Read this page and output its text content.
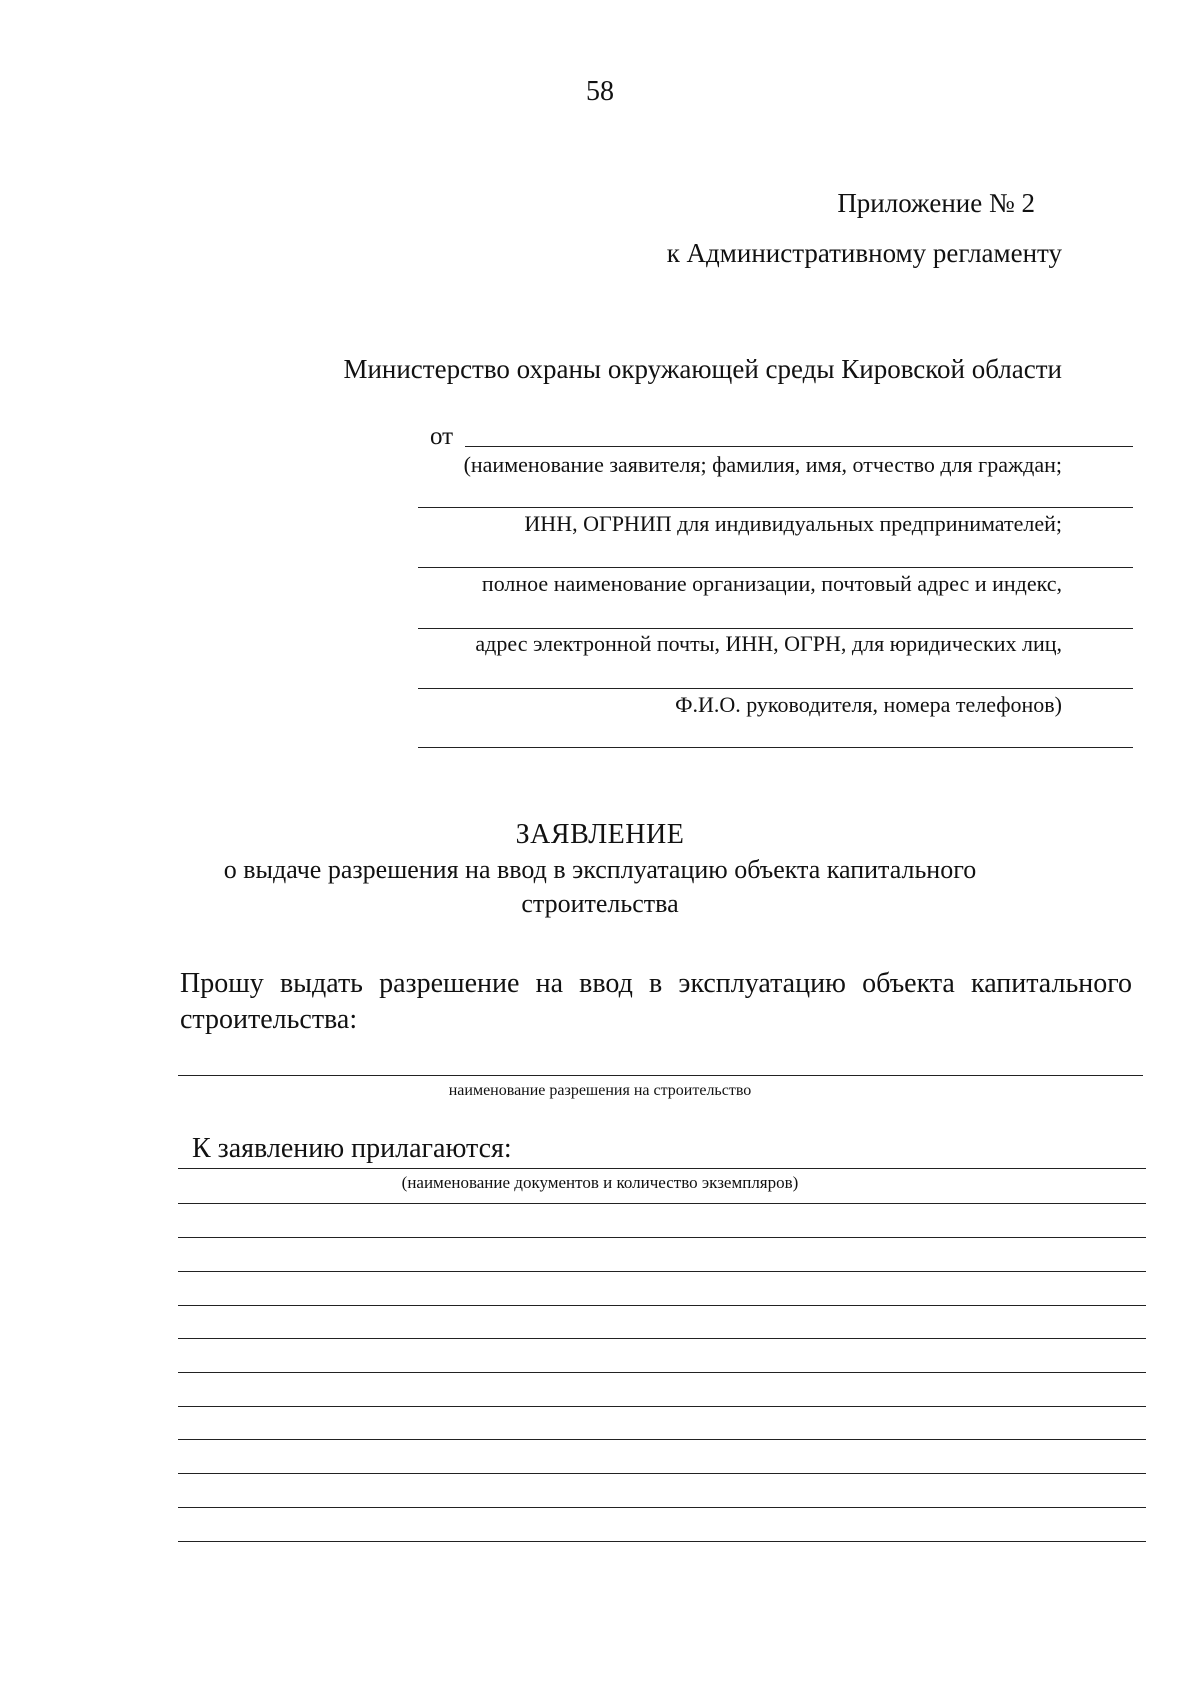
58
Приложение № 2
к Административному регламенту
Министерство охраны окружающей среды Кировской области
от
(наименование заявителя; фамилия, имя, отчество для граждан;
ИНН, ОГРНИП для индивидуальных предпринимателей;
полное наименование организации, почтовый адрес и индекс,
адрес электронной почты, ИНН, ОГРН, для юридических лиц,
Ф.И.О. руководителя, номера телефонов)
ЗАЯВЛЕНИЕ
о выдаче разрешения на ввод в эксплуатацию объекта капитального
строительства
Прошу выдать разрешение на ввод в эксплуатацию объекта капитального
строительства:
наименование разрешения на строительство
К заявлению прилагаются:
(наименование документов и количество экземпляров)
